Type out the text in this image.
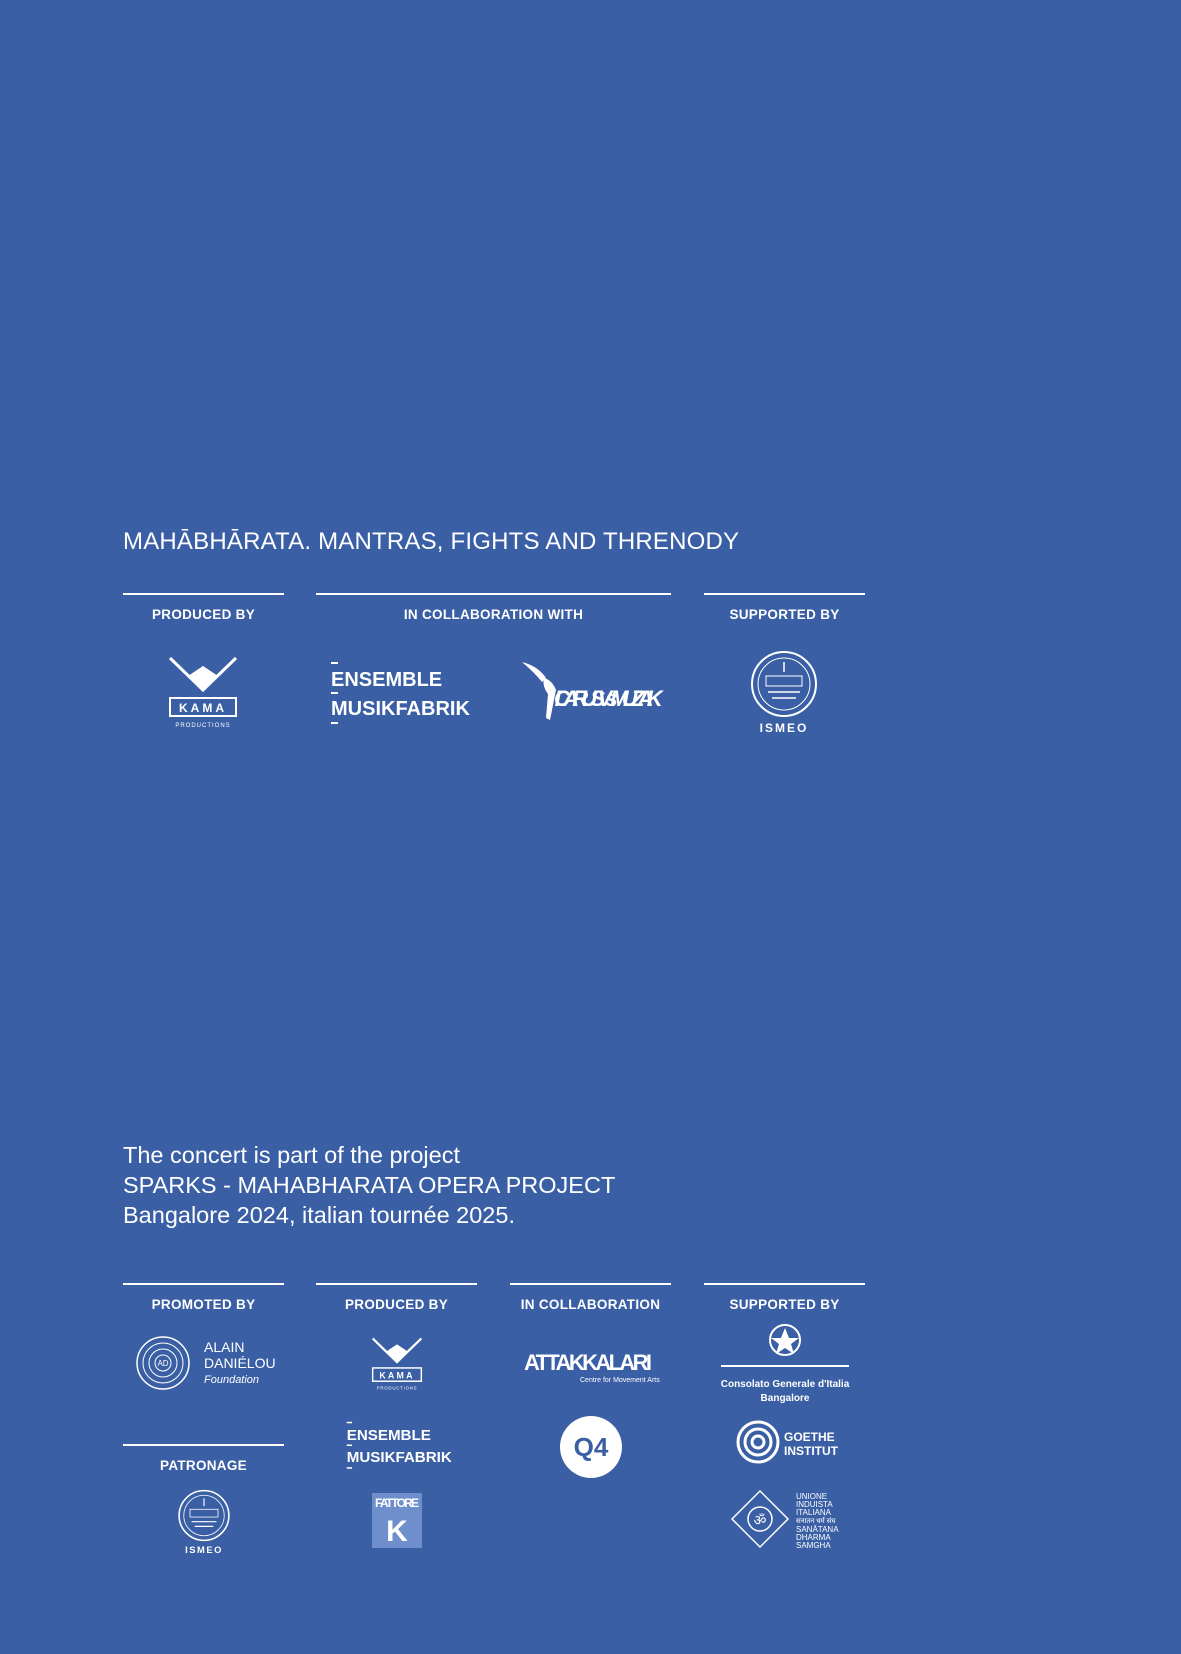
MAHĀBHĀRATA. MANTRAS, FIGHTS AND THRENODY
PRODUCED BY	IN COLLABORATION WITH	SUPPORTED BY
KAMA
PRODUCTIONS
ENSEMBLE
MUSIKFABRIK	ICARUS Vs.MUZAK
ISMEO
The concert is part of the project
SPARKS - MAHABHARATA OPERA PROJECT
Bangalore 2024, italian tournée 2025.
PROMOTED BY	PRODUCED BY	IN COLLABORATION	SUPPORTED BY
AD
ALAIN
DANIÉLOU
Foundation	KAMA
PRODUCTIONS
ATTAKKALARI
Centre for Movement Arts	Consolato Generale d'Italia
Bangalore
PATRONAGE
ISMEO
ENSEMBLE
MUSIKFABRIK
FATTORE
K
Q4	GOETHE
INSTITUT
ॐ
UNIONE
INDUISTA
ITALIANA
सनातन धर्म संघ
SANĀTANA
DHARMA
SAMGHA
